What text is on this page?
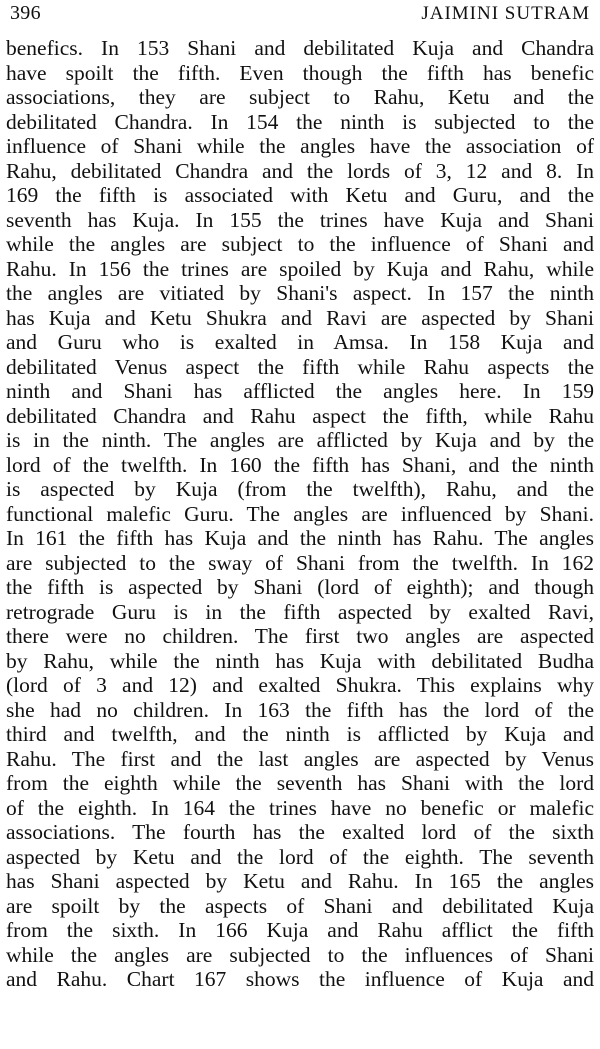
396	JAIMINI SUTRAM

benefics. In 153 Shani and debilitated Kuja and Chandra
have spoilt the fifth. Even though the fifth has benefic
associations, they are subject to Rahu, Ketu and the
debilitated Chandra. In 154 the ninth is subjected to the
influence of Shani while the angles have the association of
Rahu, debilitated Chandra and the lords of 3, 12 and 8. In
169 the fifth is associated with Ketu and Guru, and the
seventh has Kuja. In 155 the trines have Kuja and Shani
while the angles are subject to the influence of Shani and
Rahu. In 156 the trines are spoiled by Kuja and Rahu, while
the angles are vitiated by Shani's aspect. In 157 the ninth
has Kuja and Ketu Shukra and Ravi are aspected by Shani
and Guru who is exalted in Amsa. In 158 Kuja and
debilitated Venus aspect the fifth while Rahu aspects the
ninth and Shani has afflicted the angles here. In 159
debilitated Chandra and Rahu aspect the fifth, while Rahu
is in the ninth. The angles are afflicted by Kuja and by the
lord of the twelfth. In 160 the fifth has Shani, and the ninth
is aspected by Kuja (from the twelfth), Rahu, and the
functional malefic Guru. The angles are influenced by Shani.
In 161 the fifth has Kuja and the ninth has Rahu. The angles
are subjected to the sway of Shani from the twelfth. In 162
the fifth is aspected by Shani (lord of eighth); and though
retrograde Guru is in the fifth aspected by exalted Ravi,
there were no children. The first two angles are aspected
by Rahu, while the ninth has Kuja with debilitated Budha
(lord of 3 and 12) and exalted Shukra. This explains why
she had no children. In 163 the fifth has the lord of the
third and twelfth, and the ninth is afflicted by Kuja and
Rahu. The first and the last angles are aspected by Venus
from the eighth while the seventh has Shani with the lord
of the eighth. In 164 the trines have no benefic or malefic
associations. The fourth has the exalted lord of the sixth
aspected by Ketu and the lord of the eighth. The seventh
has Shani aspected by Ketu and Rahu. In 165 the angles
are spoilt by the aspects of Shani and debilitated Kuja
from the sixth. In 166 Kuja and Rahu afflict the fifth
while the angles are subjected to the influences of Shani
and Rahu. Chart 167 shows the influence of Kuja and
